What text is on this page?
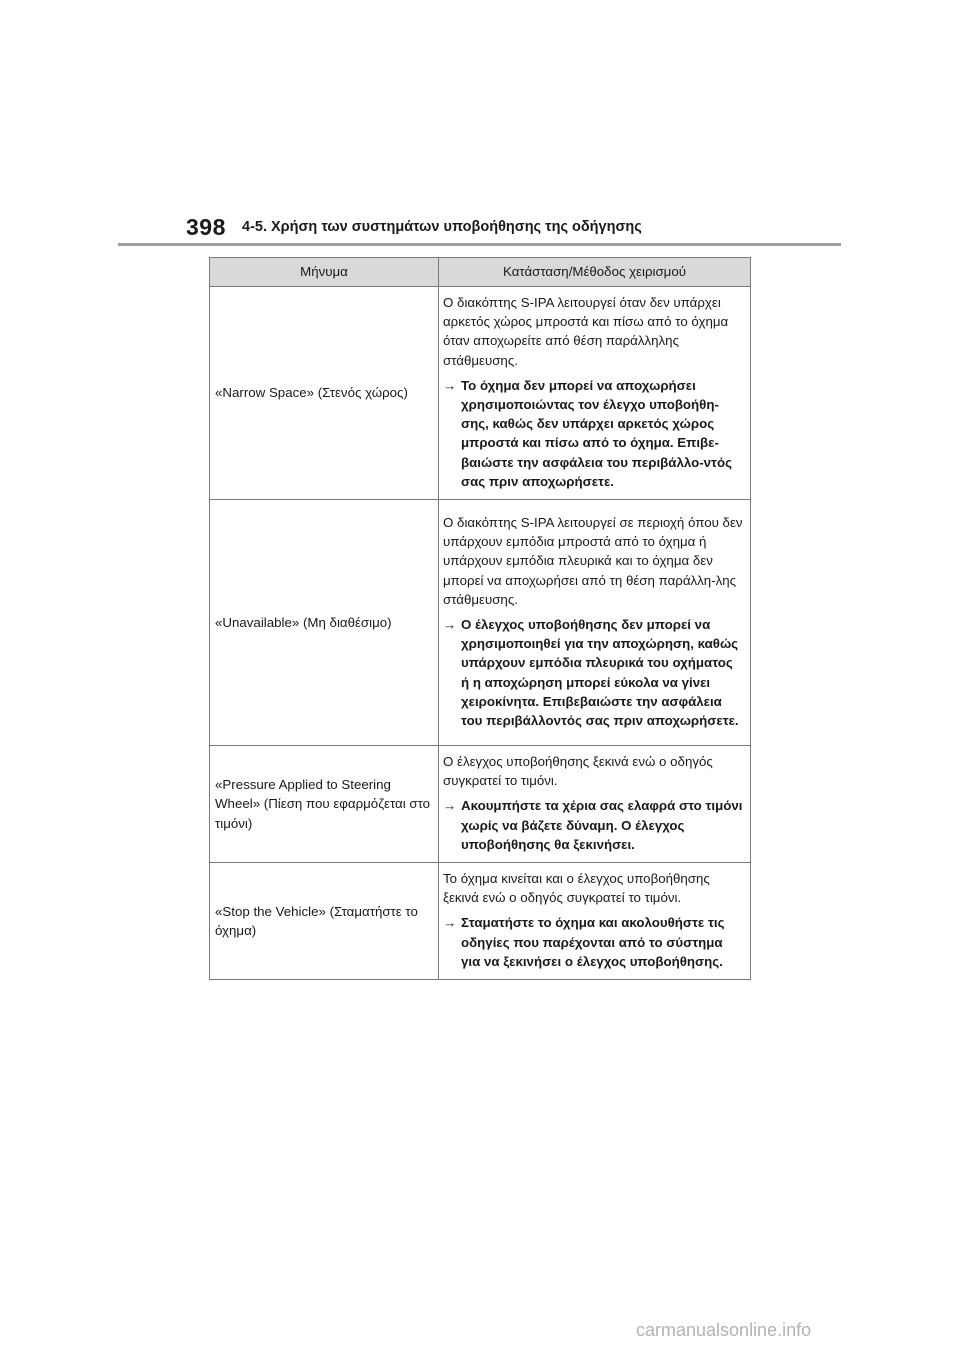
398 4-5. Χρήση των συστημάτων υποβοήθησης της οδήγησης
Μήνυμα	Κατάσταση/Μέθοδος χειρισμού
«Narrow Space» (Στενός χώρος)	Ο διακόπτης S-IPA λειτουργεί όταν δεν υπάρχει αρκετός χώρος μπροστά και πίσω από το όχημα όταν αποχωρείτε από θέση παράλληλης στάθμευσης.
→ Το όχημα δεν μπορεί να αποχωρήσει χρησιμοποιώντας τον έλεγχο υποβοήθη-σης, καθώς δεν υπάρχει αρκετός χώρος μπροστά και πίσω από το όχημα. Επιβε-βαιώστε την ασφάλεια του περιβάλλο-ντός σας πριν αποχωρήσετε.

«Unavailable» (Μη διαθέσιμο)	Ο διακόπτης S-IPA λειτουργεί σε περιοχή όπου δεν υπάρχουν εμπόδια μπροστά από το όχημα ή υπάρχουν εμπόδια πλευρικά και το όχημα δεν μπορεί να αποχωρήσει από τη θέση παράλλη-λης στάθμευσης.
→ Ο έλεγχος υποβοήθησης δεν μπορεί να χρησιμοποιηθεί για την αποχώρηση, καθώς υπάρχουν εμπόδια πλευρικά του οχήματος ή η αποχώρηση μπορεί εύκολα να γίνει χειροκίνητα. Επιβεβαιώστε την ασφάλεια του περιβάλλοντός σας πριν αποχωρήσετε.

«Pressure Applied to Steering Wheel» (Πίεση που εφαρμόζεται στο τιμόνι)	Ο έλεγχος υποβοήθησης ξεκινά ενώ ο οδηγός συγκρατεί το τιμόνι.
→ Ακουμπήστε τα χέρια σας ελαφρά στο τιμόνι χωρίς να βάζετε δύναμη. Ο έλεγχος υποβοήθησης θα ξεκινήσει.

«Stop the Vehicle» (Σταματήστε το όχημα)	Το όχημα κινείται και ο έλεγχος υποβοήθησης ξεκινά ενώ ο οδηγός συγκρατεί το τιμόνι.
→ Σταματήστε το όχημα και ακολουθήστε τις οδηγίες που παρέχονται από το σύστημα για να ξεκινήσει ο έλεγχος υποβοήθησης.
carmanualsonline.info
